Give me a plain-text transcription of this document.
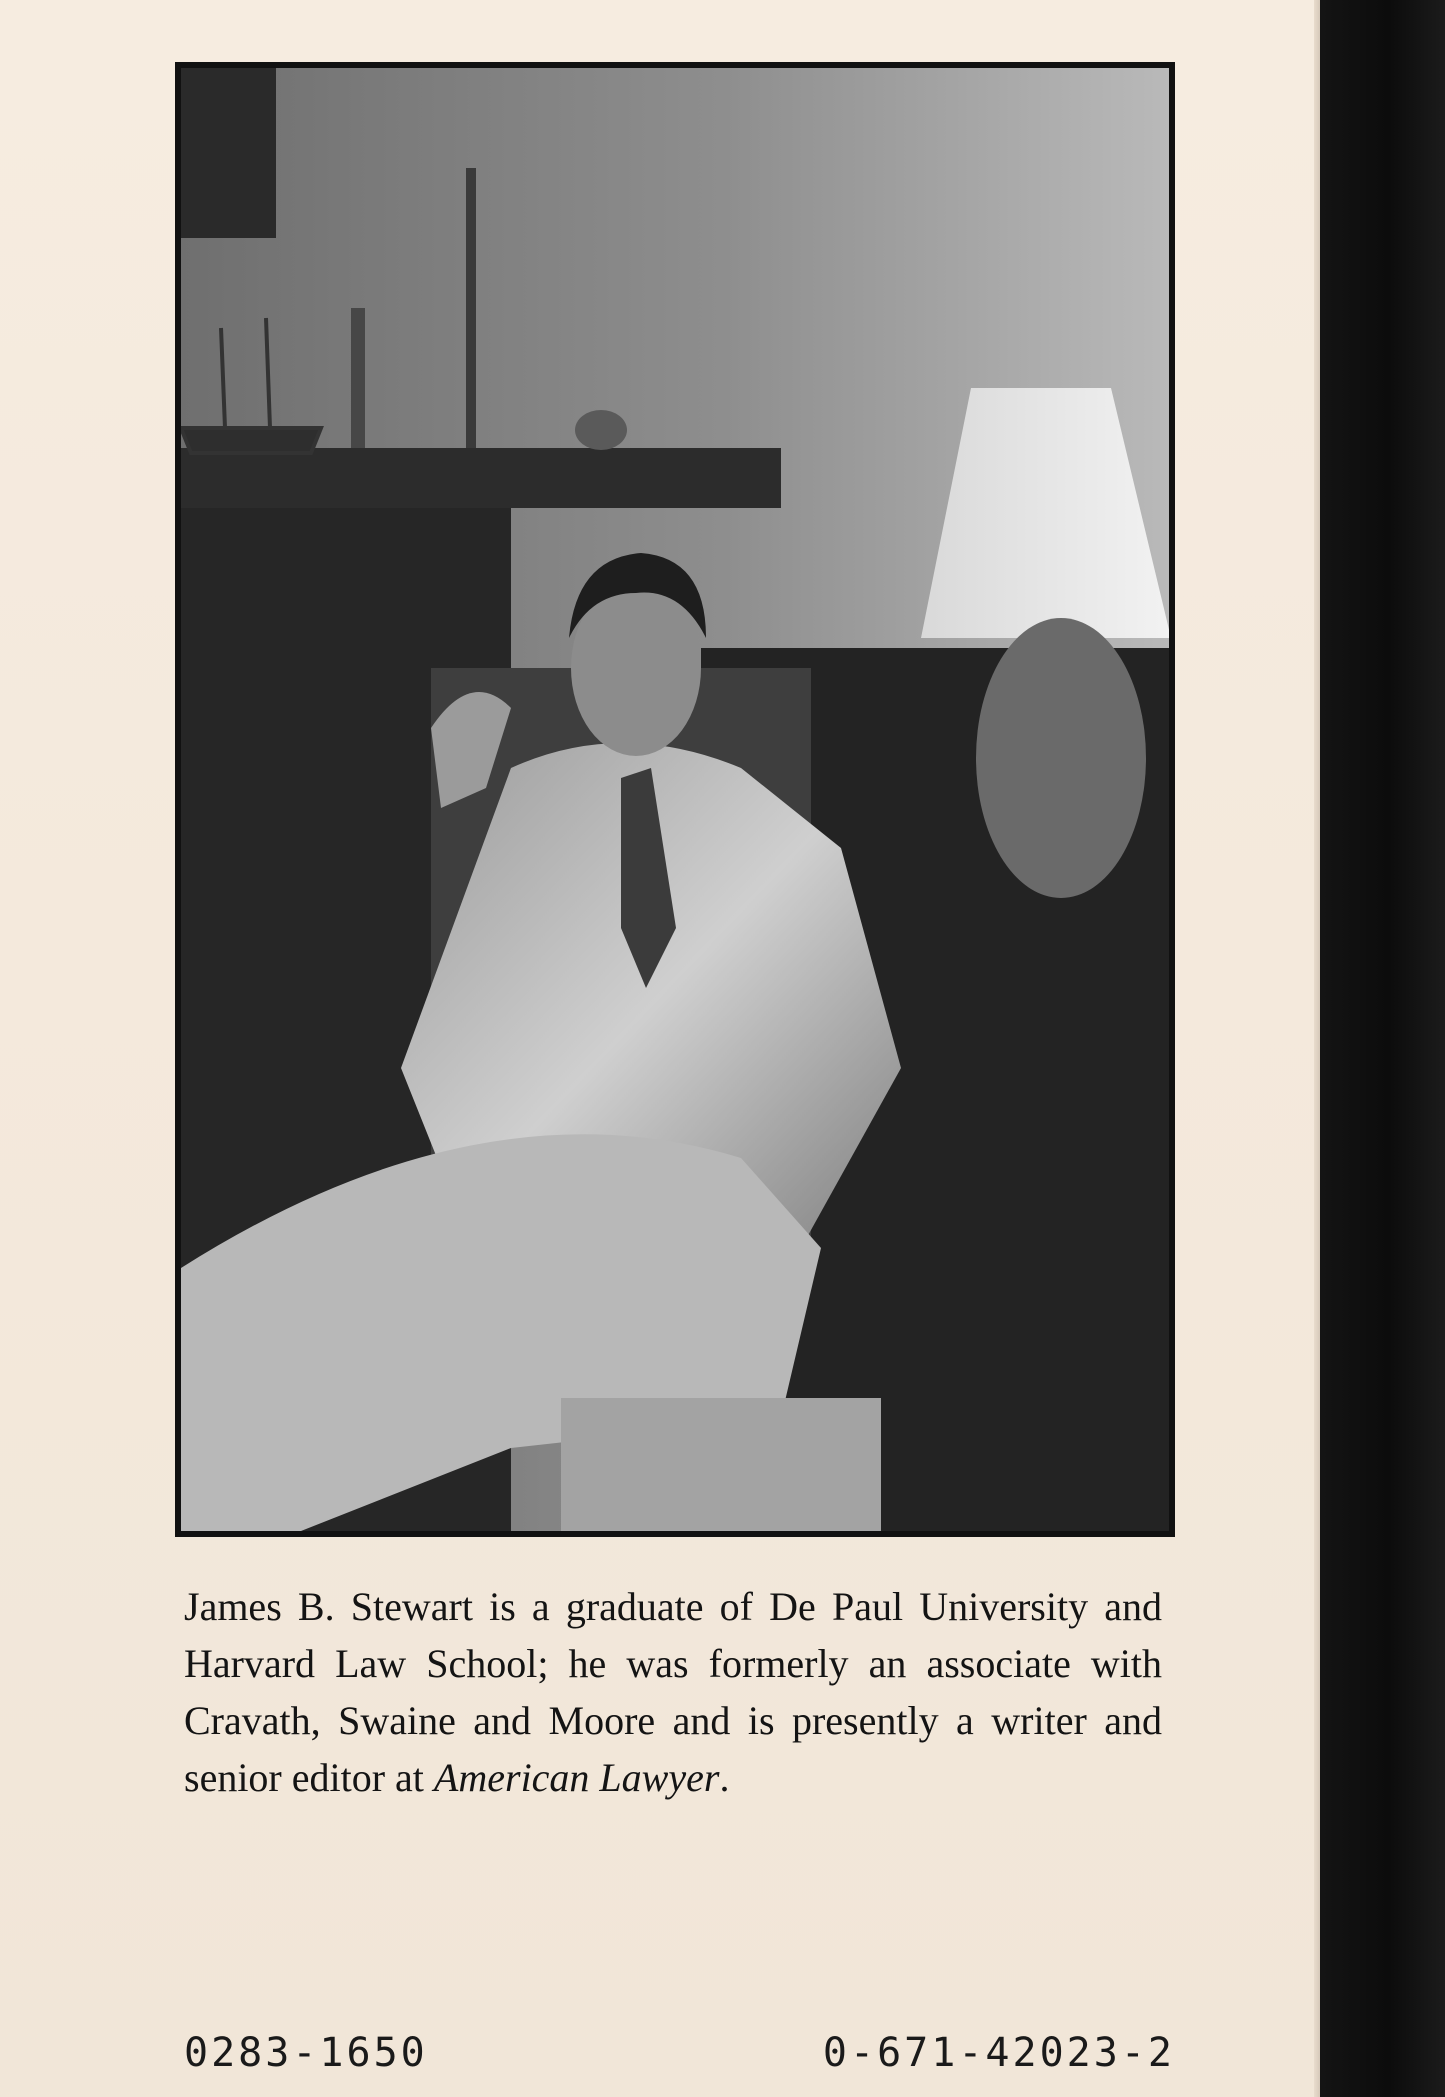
James B. Stewart is a graduate of De Paul University and Harvard Law School; he was formerly an associate with Cravath, Swaine and Moore and is presently a writer and senior editor at American Lawyer.

0283-1650	0-671-42023-2
